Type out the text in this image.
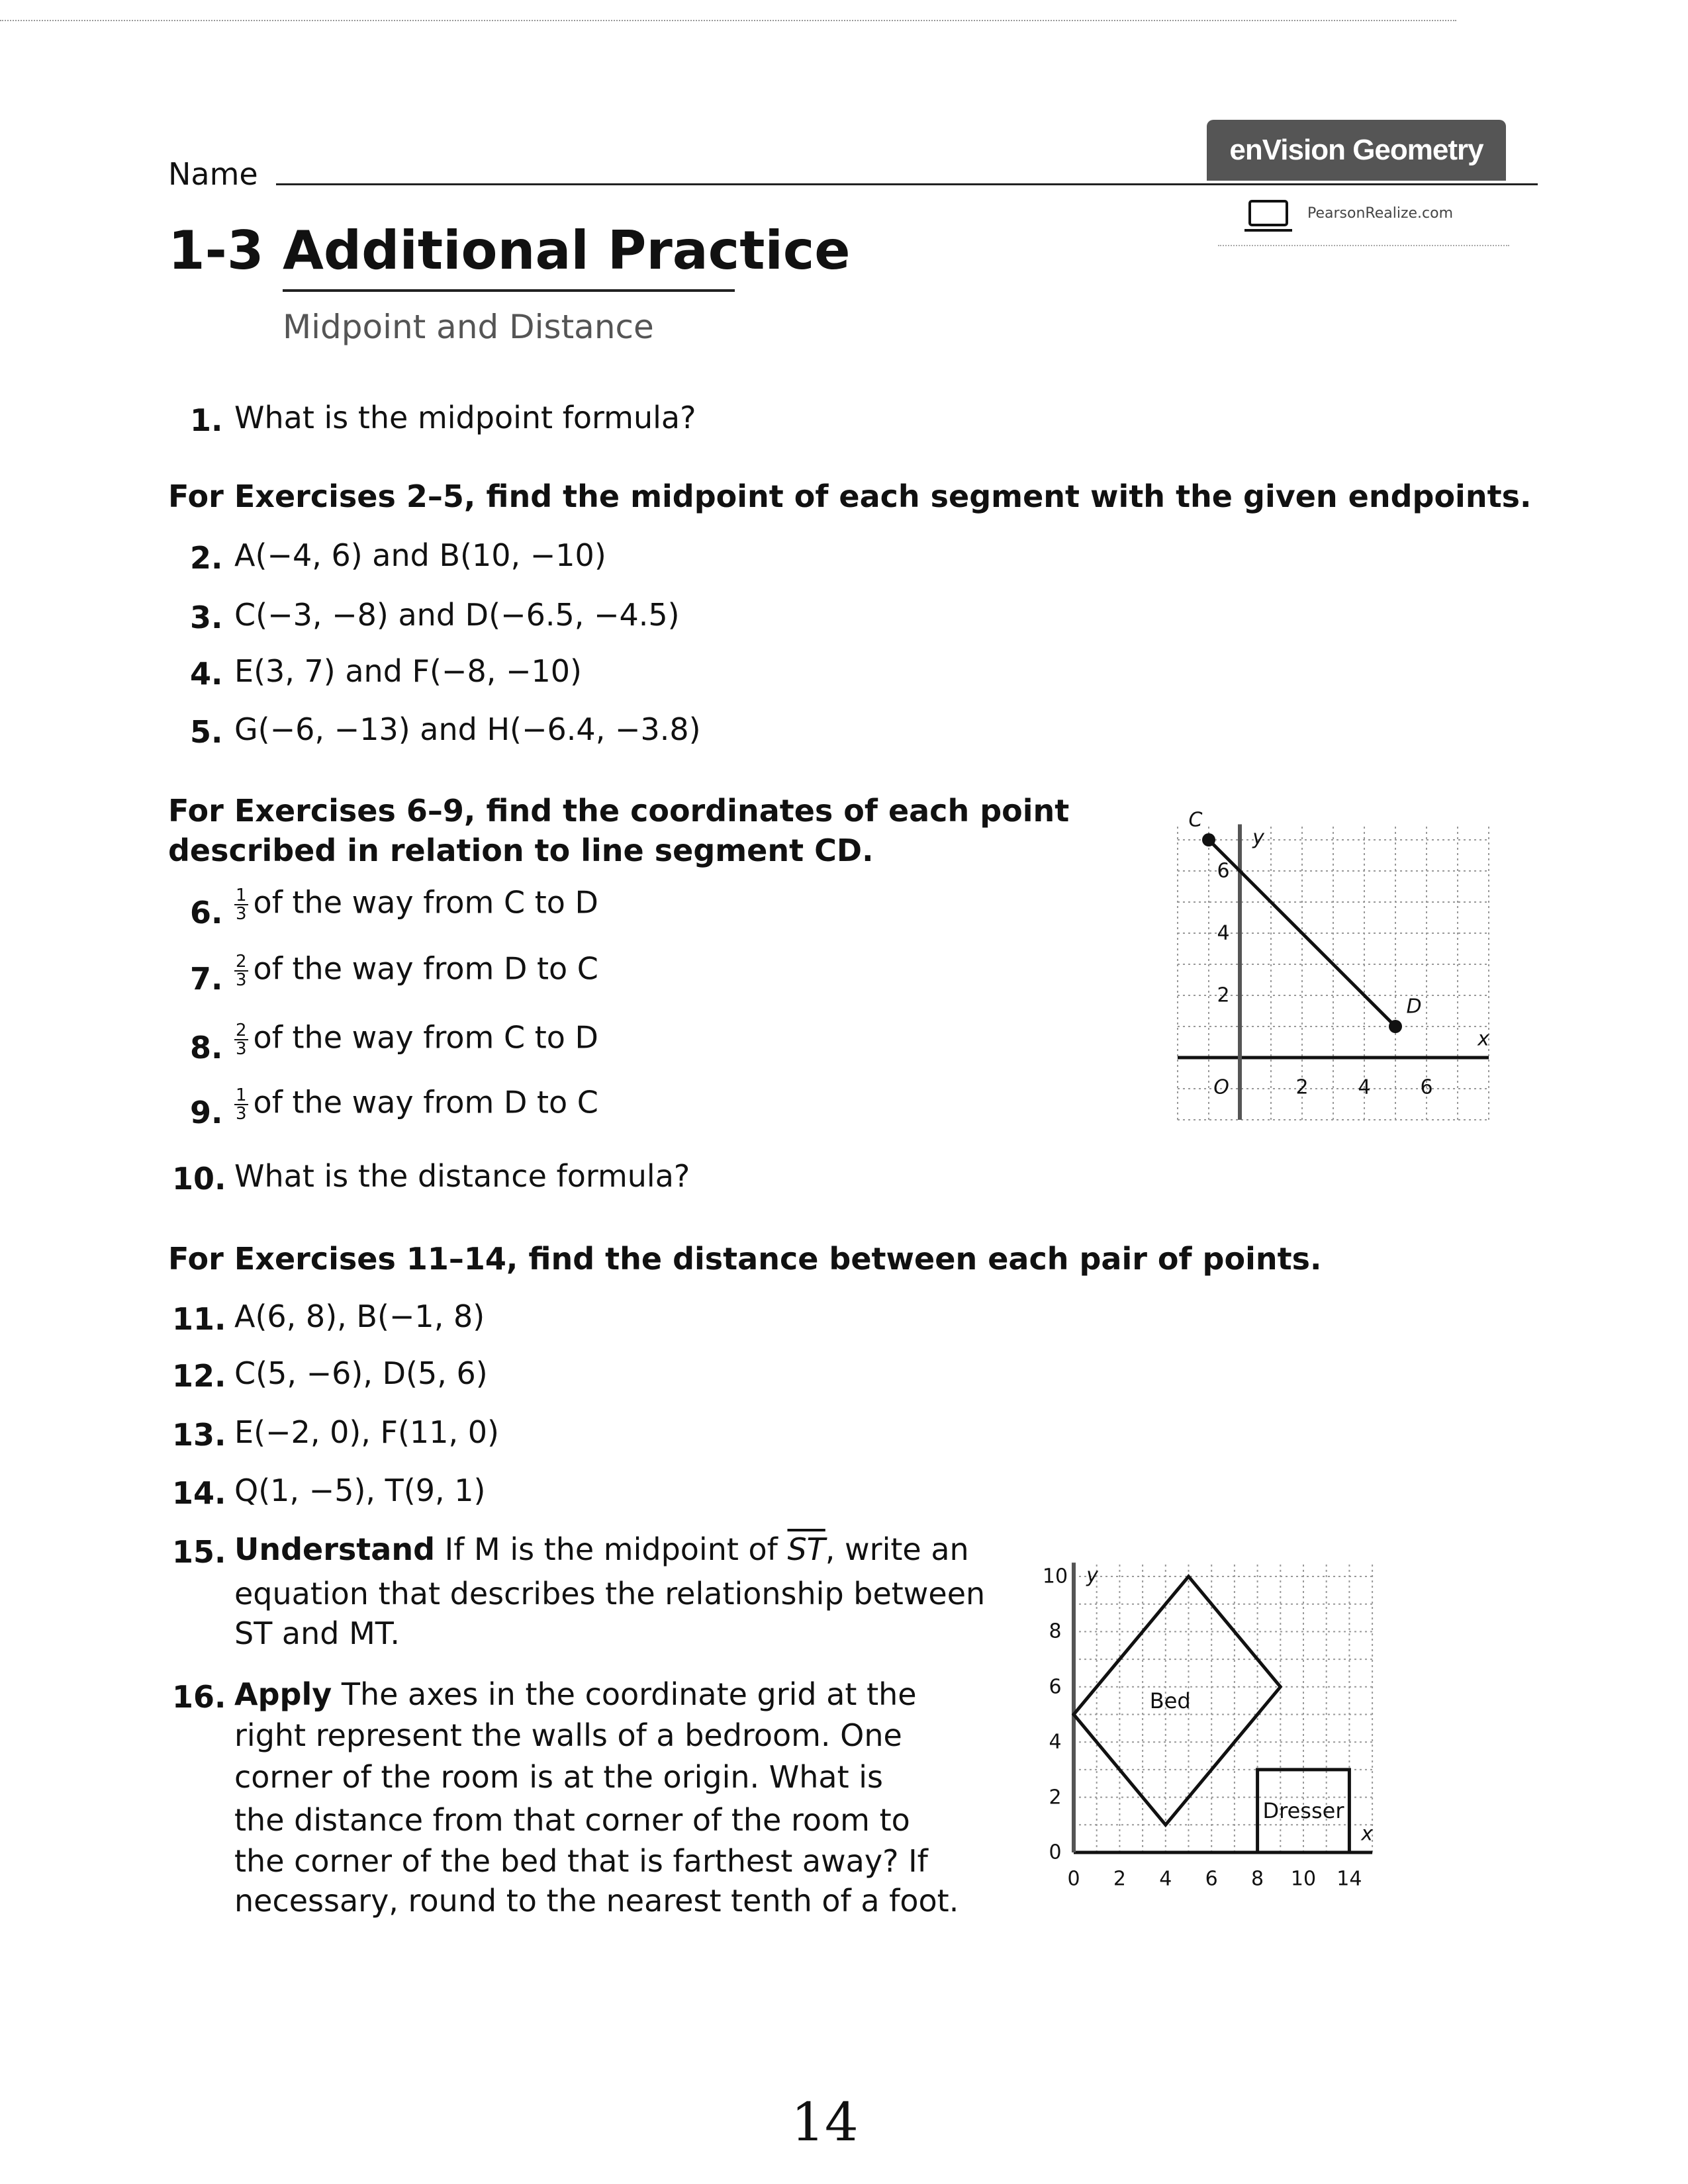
Name
enVision Geometry
PearsonRealize.com
1-3 Additional Practice
Midpoint and Distance
1. What is the midpoint formula?
For Exercises 2–5, find the midpoint of each segment with the given endpoints.
2. A(−4, 6) and B(10, −10)
3. C(−3, −8) and D(−6.5, −4.5)
4. E(3, 7) and F(−8, −10)
5. G(−6, −13) and H(−6.4, −3.8)
For Exercises 6–9, find the coordinates of each point
described in relation to line segment CD.
6. $\frac{1}{3}$ of the way from C to D
7. $\frac{2}{3}$ of the way from D to C
8. $\frac{2}{3}$ of the way from C to D
9. $\frac{1}{3}$ of the way from D to C
10. What is the distance formula?
For Exercises 11–14, find the distance between each pair of points.
11. A(6, 8), B(−1, 8)
12. C(5, −6), D(5, 6)
13. E(−2, 0), F(11, 0)
14. Q(1, −5), T(9, 1)
15. Understand If M is the midpoint of $\overline{ST}$, write an
equation that describes the relationship between
ST and MT.
16. Apply The axes in the coordinate grid at the
right represent the walls of a bedroom. One
corner of the room is at the origin. What is
the distance from that corner of the room to
the corner of the bed that is farthest away? If
necessary, round to the nearest tenth of a foot.
14
x
y
2 4 6
2
4
6
O
C
D
x
y
0 2 4 6 8 10 14
0
2
4
6
8
10
Bed
Dresser
